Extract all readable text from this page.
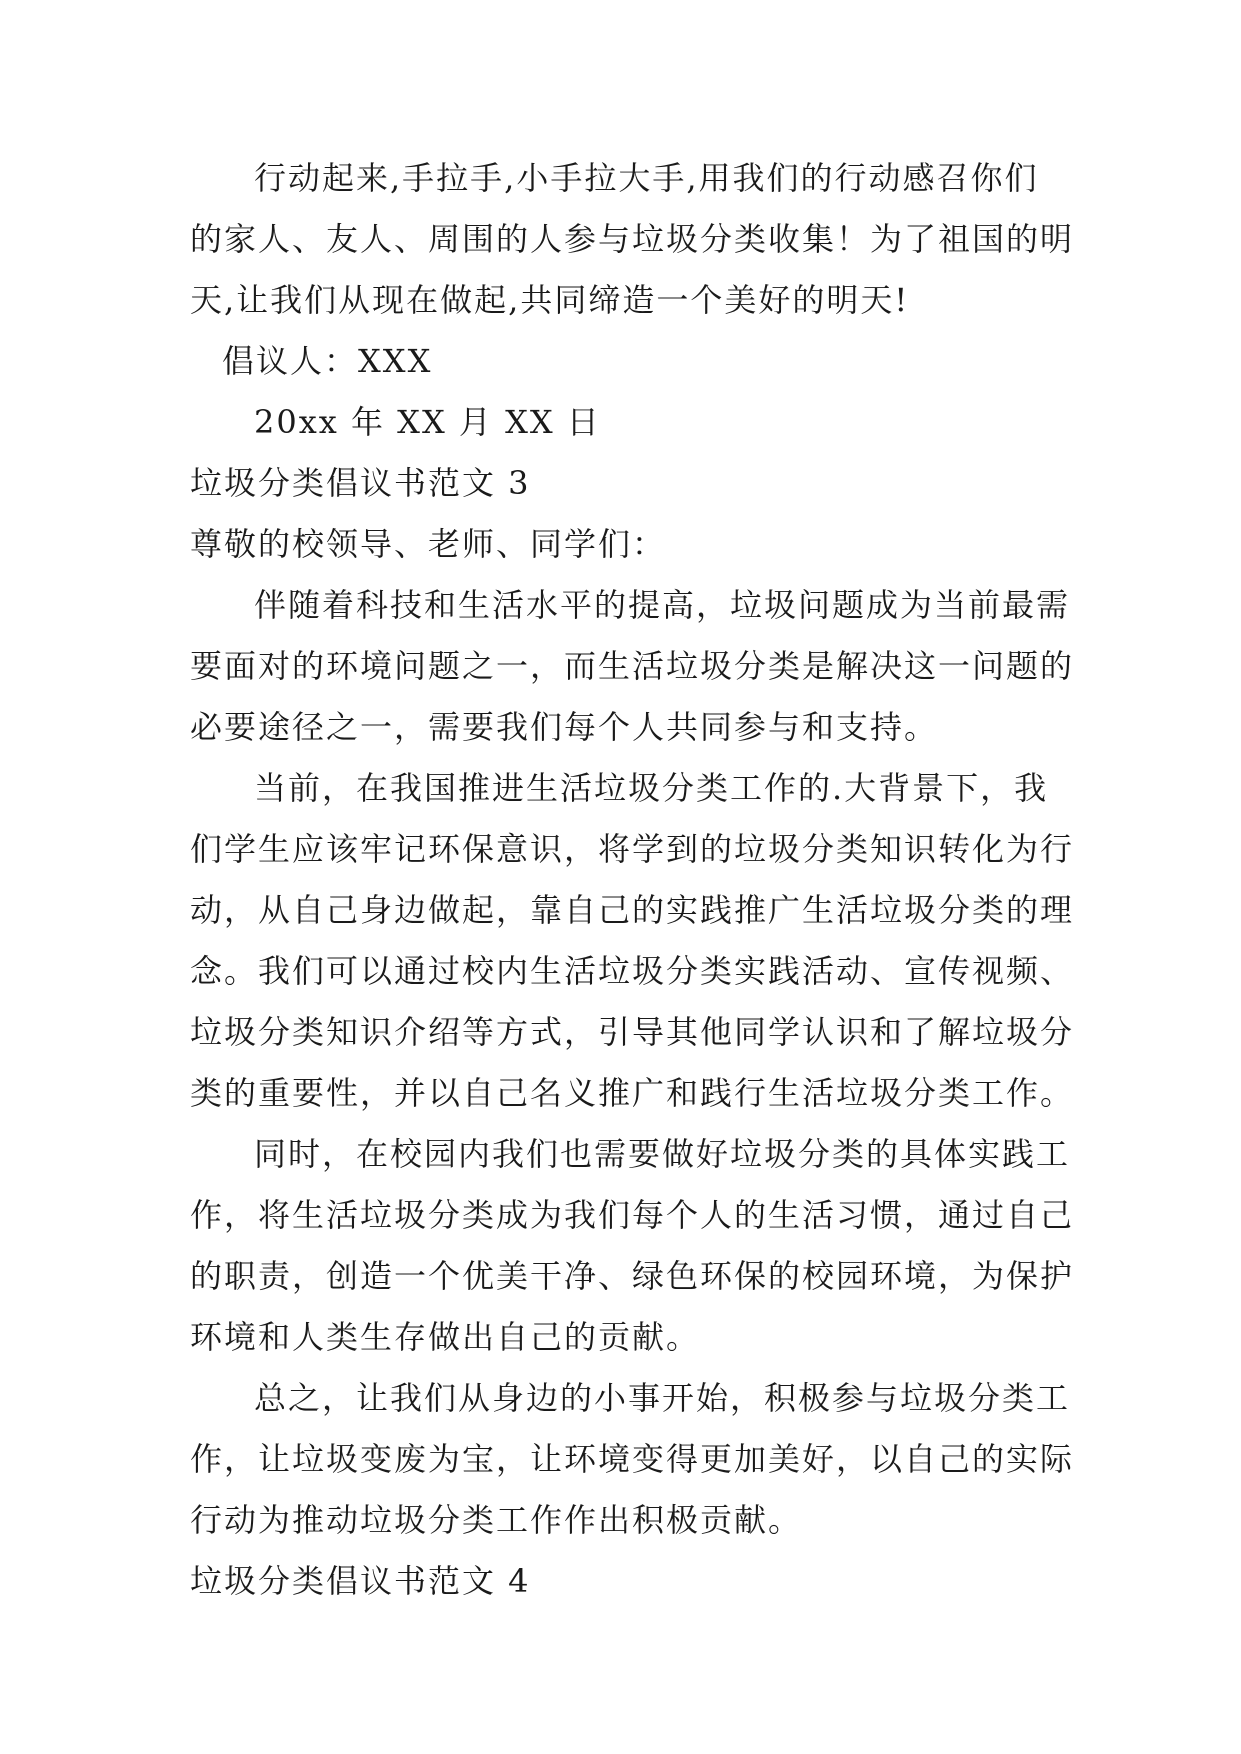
行动起来,手拉手,小手拉大手,用我们的行动感召你们
的家人、友人、周围的人参与垃圾分类收集！为了祖国的明
天,让我们从现在做起,共同缔造一个美好的明天!
倡议人：XXX
20xx 年 XX 月 XX 日
垃圾分类倡议书范文 3
尊敬的校领导、老师、同学们：
伴随着科技和生活水平的提高，垃圾问题成为当前最需
要面对的环境问题之一，而生活垃圾分类是解决这一问题的
必要途径之一，需要我们每个人共同参与和支持。
当前，在我国推进生活垃圾分类工作的.大背景下，我
们学生应该牢记环保意识，将学到的垃圾分类知识转化为行
动，从自己身边做起，靠自己的实践推广生活垃圾分类的理
念。我们可以通过校内生活垃圾分类实践活动、宣传视频、
垃圾分类知识介绍等方式，引导其他同学认识和了解垃圾分
类的重要性，并以自己名义推广和践行生活垃圾分类工作。
同时，在校园内我们也需要做好垃圾分类的具体实践工
作，将生活垃圾分类成为我们每个人的生活习惯，通过自己
的职责，创造一个优美干净、绿色环保的校园环境，为保护
环境和人类生存做出自己的贡献。
总之，让我们从身边的小事开始，积极参与垃圾分类工
作，让垃圾变废为宝，让环境变得更加美好，以自己的实际
行动为推动垃圾分类工作作出积极贡献。
垃圾分类倡议书范文 4
